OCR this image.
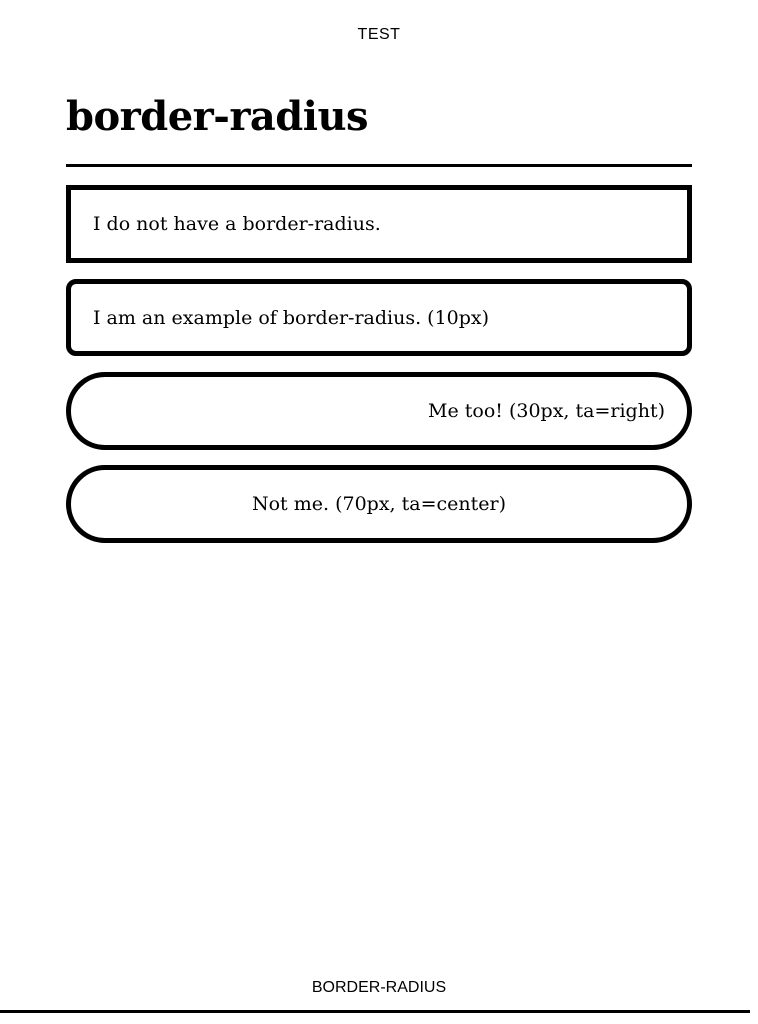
TEST
border-radius
I do not have a border-radius.
I am an example of border-radius. (10px)
Me too! (30px, ta=right)
Not me. (70px, ta=center)
BORDER-RADIUS
